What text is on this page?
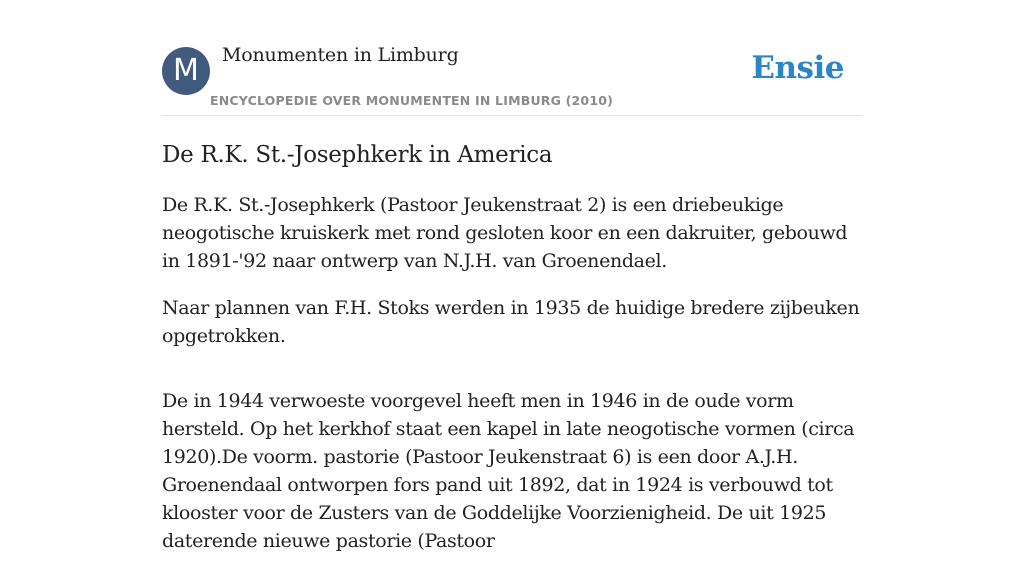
M	Monumenten in Limburg
ENCYCLOPEDIE OVER MONUMENTEN IN LIMBURG (2010)
Ensie
De R.K. St.-Josephkerk in America

De R.K. St.-Josephkerk (Pastoor Jeukenstraat 2) is een driebeukige neogotische kruiskerk met rond gesloten koor en een dakruiter, gebouwd in 1891-'92 naar ontwerp van N.J.H. van Groenendael.

Naar plannen van F.H. Stoks werden in 1935 de huidige bredere zijbeuken opgetrokken.

De in 1944 verwoeste voorgevel heeft men in 1946 in de oude vorm hersteld. Op het kerkhof staat een kapel in late neogotische vormen (circa 1920).De voorm. pastorie (Pastoor Jeukenstraat 6) is een door A.J.H. Groenendaal ontworpen fors pand uit 1892, dat in 1924 is verbouwd tot klooster voor de Zusters van de Goddelijke Voorzienigheid. De uit 1925 daterende nieuwe pastorie (Pastoor
